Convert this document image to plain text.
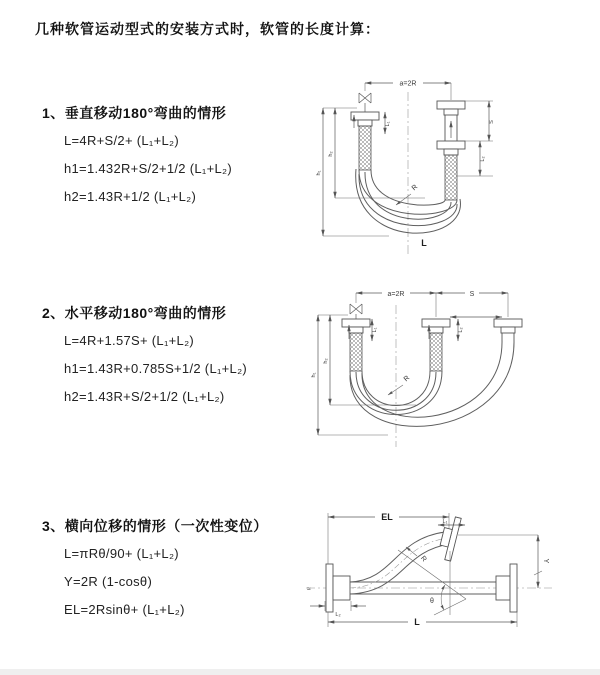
几种软管运动型式的安装方式时，软管的长度计算：
1、垂直移动180°弯曲的情形
L=4R+S/2+ (L₁+L₂)
h1=1.432R+S/2+1/2 (L₁+L₂)
h2=1.43R+1/2 (L₁+L₂)
a=2R
h₁
h₂
L₁	S
L₂
R
L
2、水平移动180°弯曲的情形
L=4R+1.57S+ (L₁+L₂)
h1=1.43R+0.785S+1/2 (L₁+L₂)
h2=1.43R+S/2+1/2 (L₁+L₂)
a=2R	S
L₁	L₂
h₁
h₂
R
3、横向位移的情形（一次性变位）
L=πRθ/90+ (L₁+L₂)
Y=2R (1-cosθ)
EL=2Rsinθ+ (L₁+L₂)
≈
EL	L₁
Y
θ
R
L₂
L
